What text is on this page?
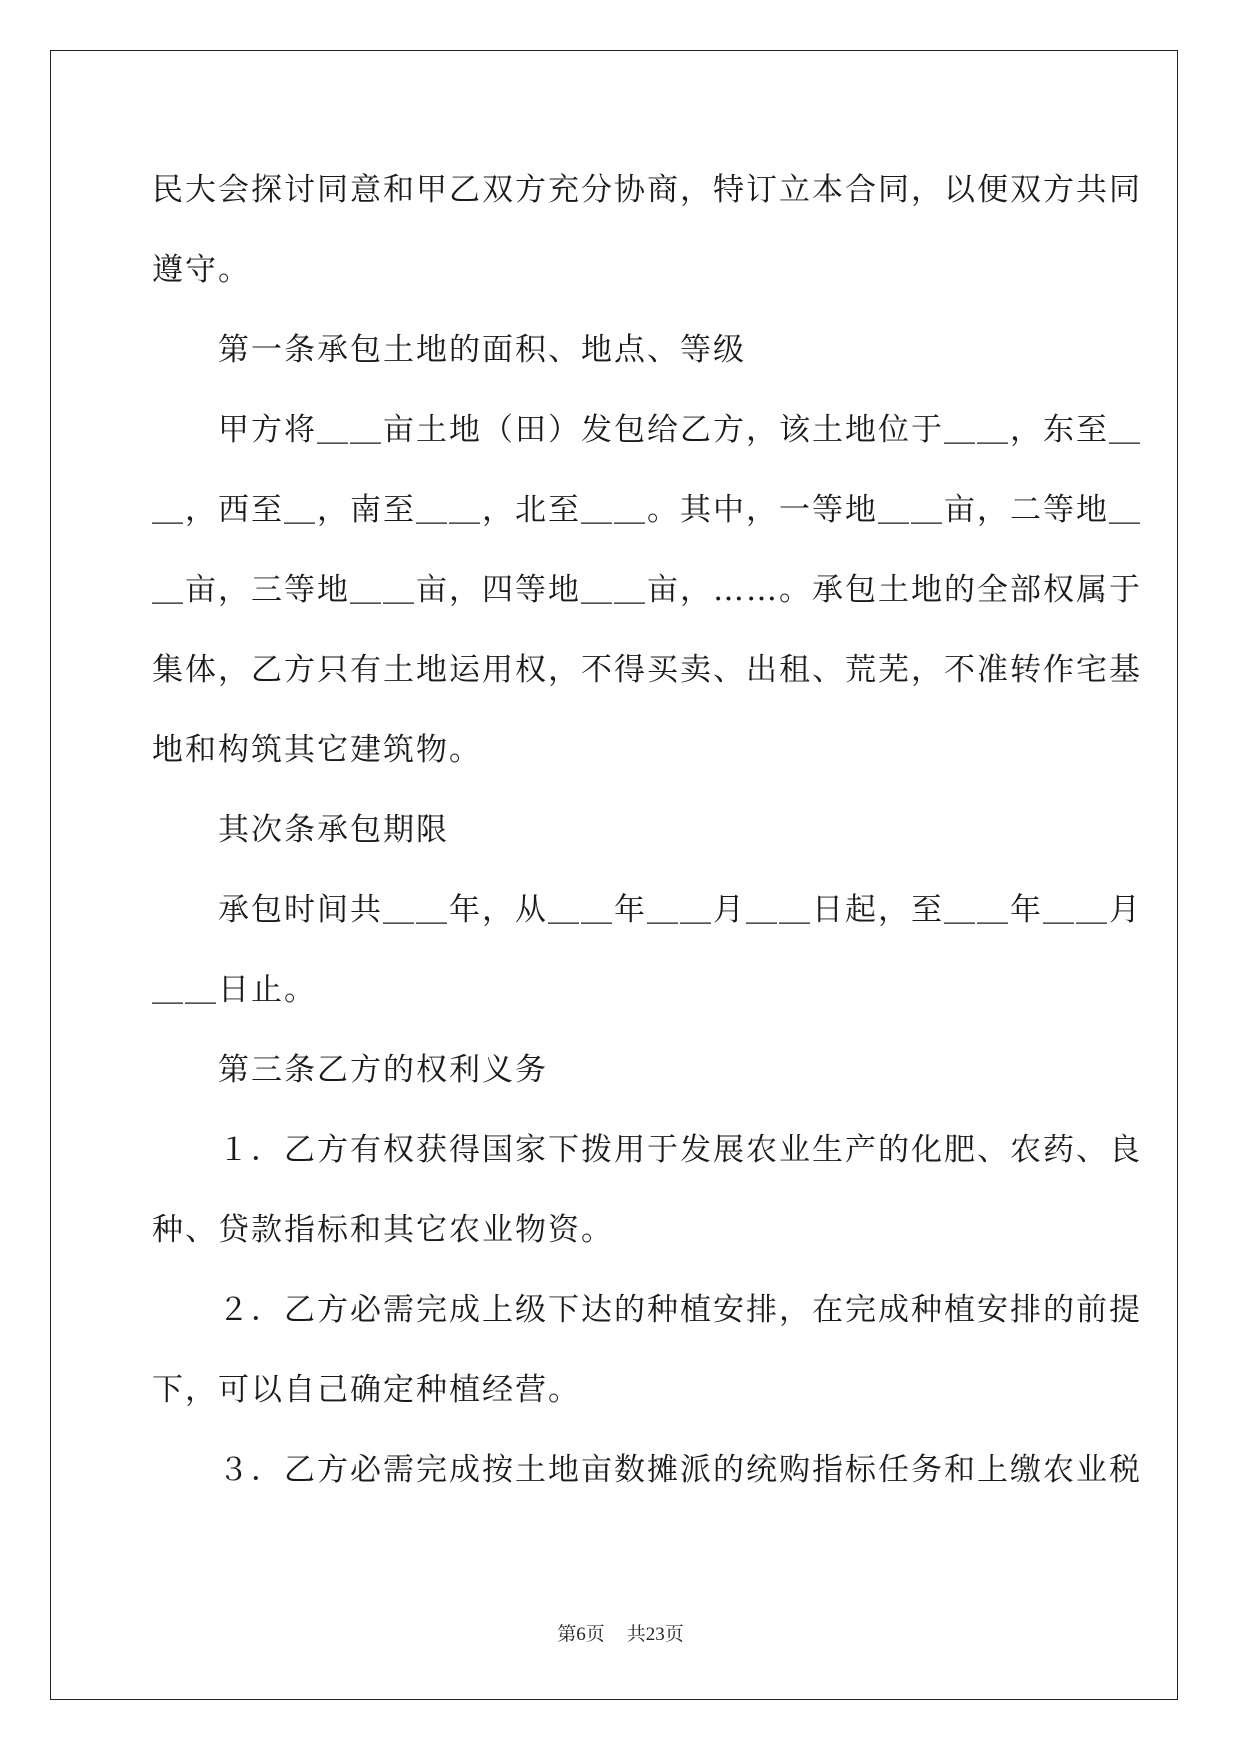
民大会探讨同意和甲乙双方充分协商，特订立本合同，以便双方共同
遵守。
　　第一条承包土地的面积、地点、等级
　　甲方将＿＿亩土地（田）发包给乙方，该土地位于＿＿，东至＿
＿，西至＿，南至＿＿，北至＿＿。其中，一等地＿＿亩，二等地＿
＿亩，三等地＿＿亩，四等地＿＿亩，……。承包土地的全部权属于
集体，乙方只有土地运用权，不得买卖、出租、荒芜，不准转作宅基
地和构筑其它建筑物。
　　其次条承包期限
　　承包时间共＿＿年，从＿＿年＿＿月＿＿日起，至＿＿年＿＿月
＿＿日止。
　　第三条乙方的权利义务
　　１．乙方有权获得国家下拨用于发展农业生产的化肥、农药、良
种、贷款指标和其它农业物资。
　　２．乙方必需完成上级下达的种植安排，在完成种植安排的前提
下，可以自己确定种植经营。
　　３．乙方必需完成按土地亩数摊派的统购指标任务和上缴农业税
第6页 共23页
